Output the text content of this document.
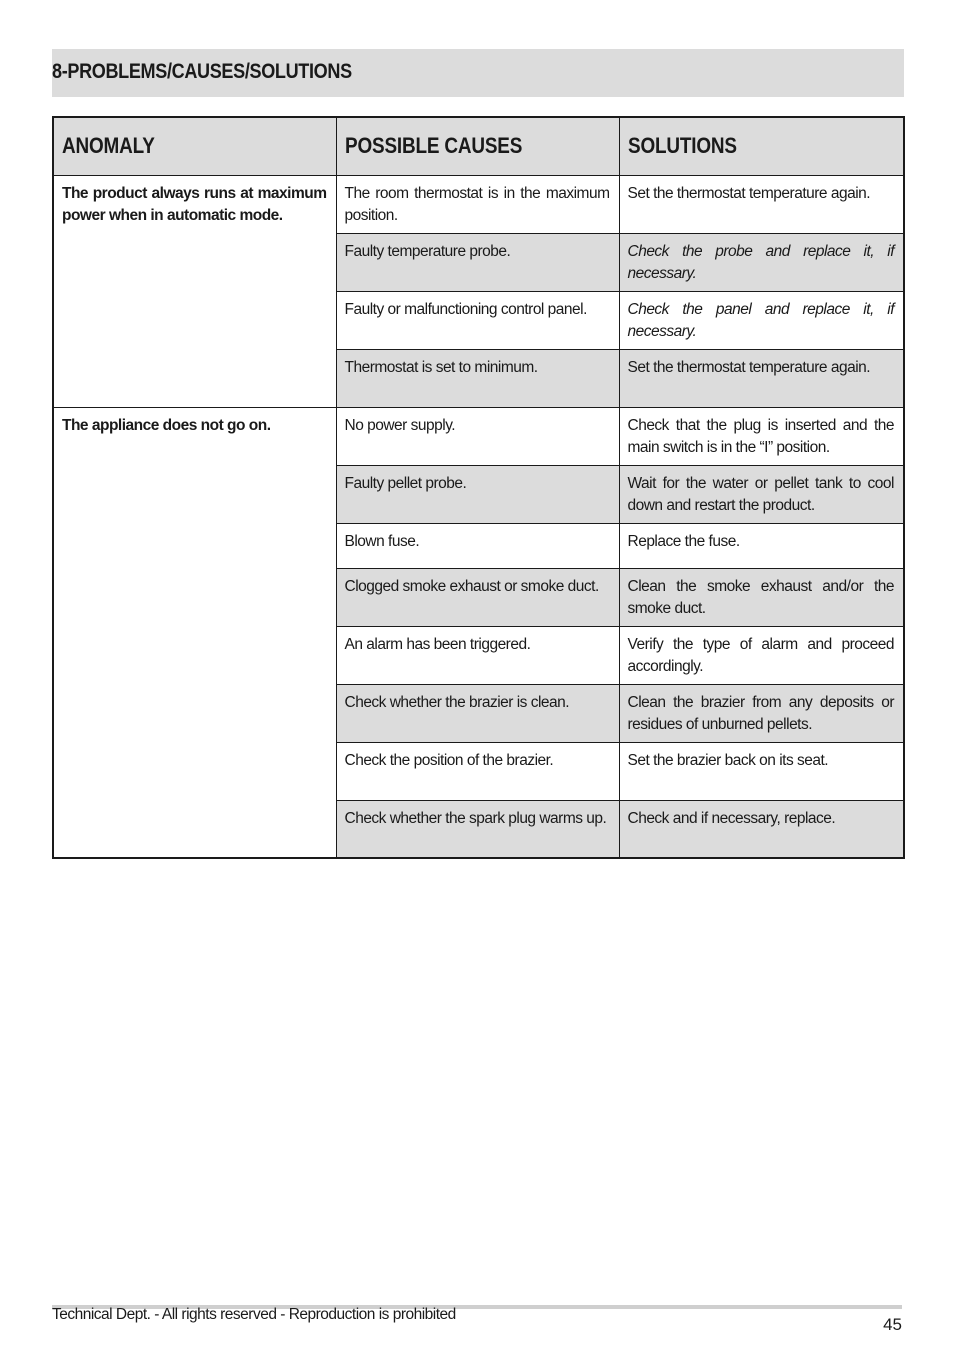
8-PROBLEMS/CAUSES/SOLUTIONS
ANOMALY	POSSIBLE CAUSES	SOLUTIONS
The product always runs at maximum power when in automatic mode.	The room thermostat is in the maximum position.	Set the thermostat temperature again.
	Faulty temperature probe.	Check the probe and replace it, if necessary.
	Faulty or malfunctioning control panel.	Check the panel and replace it, if necessary.
	Thermostat is set to minimum.	Set the thermostat temperature again.
The appliance does not go on.	No power supply.	Check that the plug is inserted and the main switch is in the “I” position.
	Faulty pellet probe.	Wait for the water or pellet tank to cool down and restart the product.
	Blown fuse.	Replace the fuse.
	Clogged smoke exhaust or smoke duct.	Clean the smoke exhaust and/or the smoke duct.
	An alarm has been triggered.	Verify the type of alarm and proceed accordingly.
	Check whether the brazier is clean.	Clean the brazier from any deposits or residues of unburned pellets.
	Check the position of the brazier.	Set the brazier back on its seat.
	Check whether the spark plug warms up.	Check and if necessary, replace.
Technical Dept. - All rights reserved - Reproduction is prohibited
45
